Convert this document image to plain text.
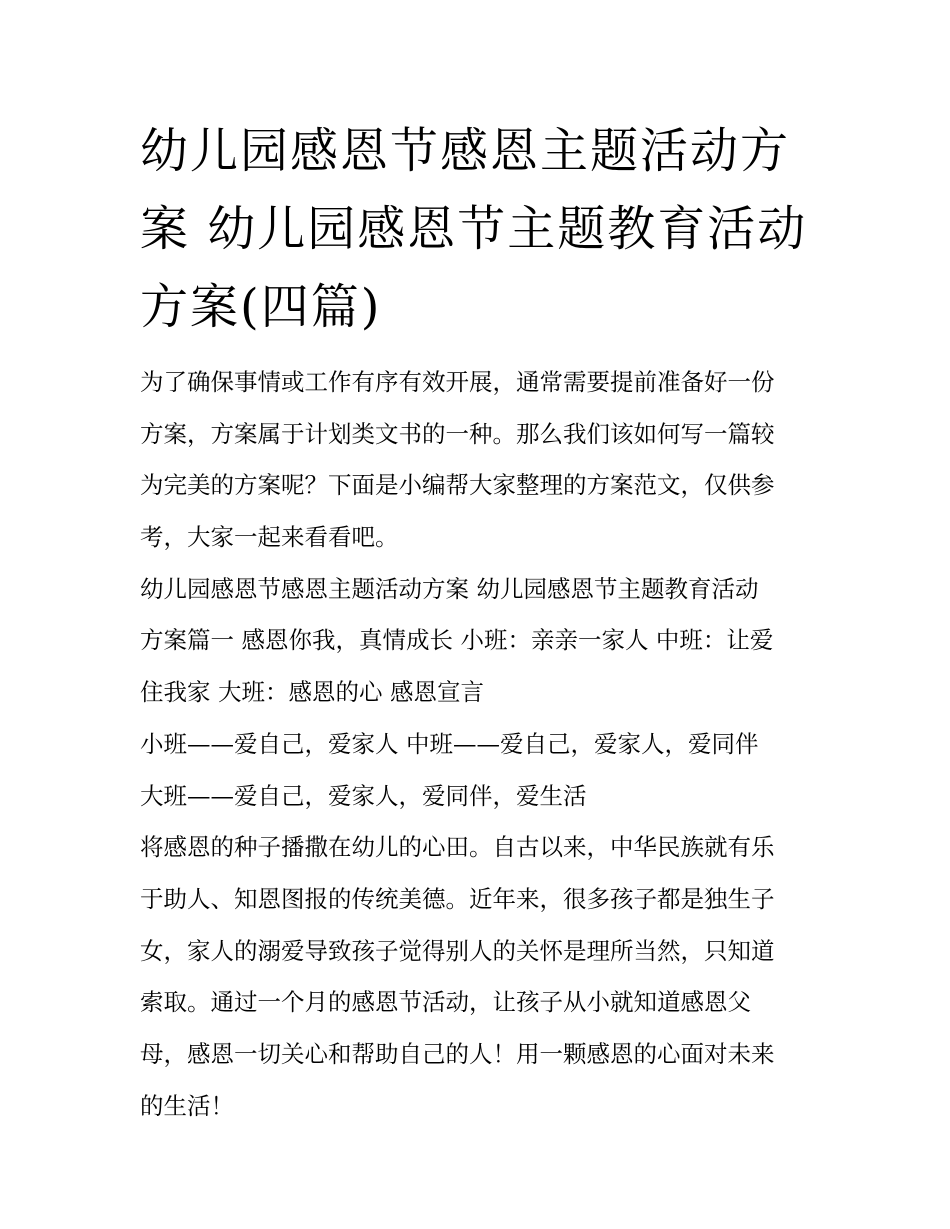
幼儿园感恩节感恩主题活动方
案 幼儿园感恩节主题教育活动
方案(四篇)
为了确保事情或工作有序有效开展，通常需要提前准备好一份
方案，方案属于计划类文书的一种。那么我们该如何写一篇较
为完美的方案呢？下面是小编帮大家整理的方案范文，仅供参
考，大家一起来看看吧。
幼儿园感恩节感恩主题活动方案 幼儿园感恩节主题教育活动
方案篇一 感恩你我，真情成长 小班：亲亲一家人 中班：让爱
住我家 大班：感恩的心 感恩宣言
小班——爱自己，爱家人 中班——爱自己，爱家人，爱同伴
大班——爱自己，爱家人，爱同伴，爱生活
将感恩的种子播撒在幼儿的心田。自古以来，中华民族就有乐
于助人、知恩图报的传统美德。近年来，很多孩子都是独生子
女，家人的溺爱导致孩子觉得别人的关怀是理所当然，只知道
索取。通过一个月的感恩节活动，让孩子从小就知道感恩父
母，感恩一切关心和帮助自己的人！用一颗感恩的心面对未来
的生活！
